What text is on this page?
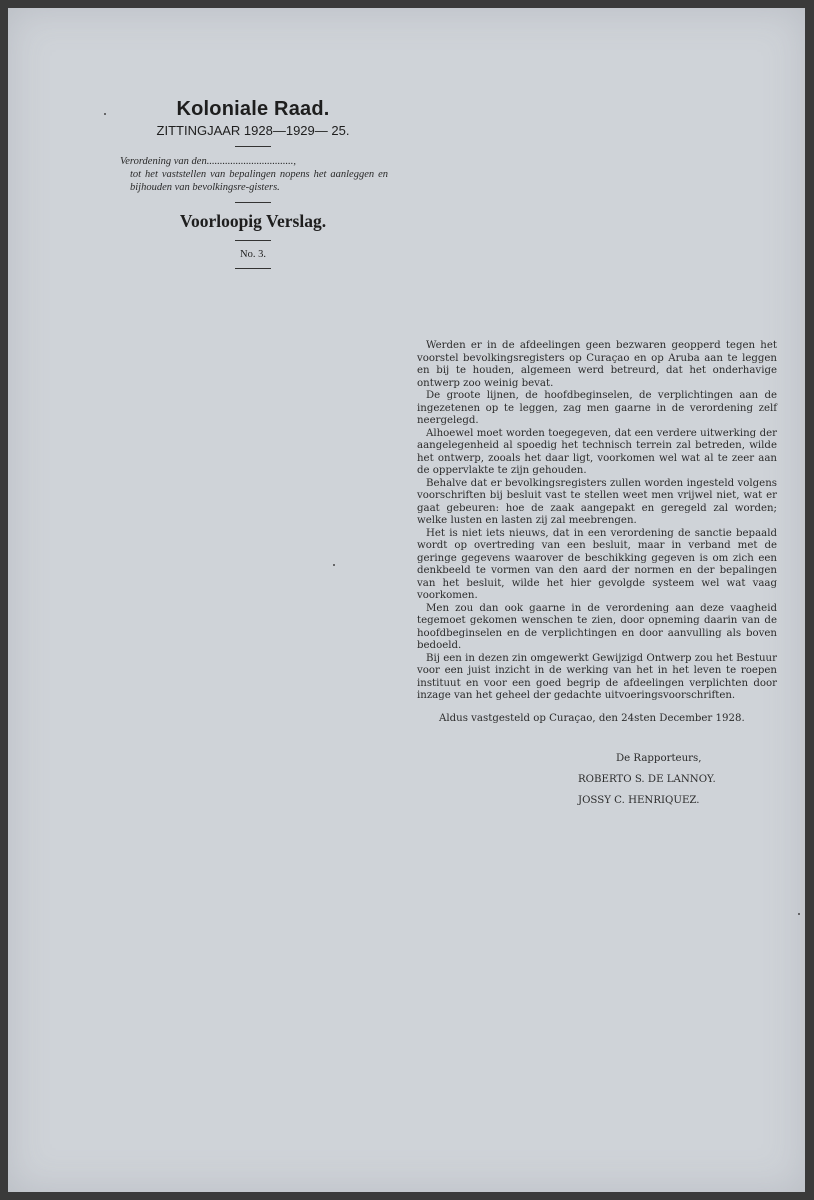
Koloniale Raad.
ZITTINGJAAR 1928—1929— 25.
Verordening van den.................................,
tot het vaststellen van bepalingen nopens het aanleggen en bijhouden van bevolkingsre-gisters.
Voorloopig Verslag.
No. 3.

Werden er in de afdeelingen geen bezwaren geopperd tegen het voorstel bevolkingsregisters op Curaçao en op Aruba aan te leggen en bij te houden, algemeen werd betreurd, dat het onderhavige ontwerp zoo weinig bevat.

De groote lijnen, de hoofdbeginselen, de verplichtingen aan de ingezetenen op te leggen, zag men gaarne in de verordening zelf neergelegd.

Alhoewel moet worden toegegeven, dat een verdere uitwerking der aangelegenheid al spoedig het technisch terrein zal betreden, wilde het ontwerp, zooals het daar ligt, voorkomen wel wat al te zeer aan de oppervlakte te zijn gehouden.

Behalve dat er bevolkingsregisters zullen worden ingesteld volgens voorschriften bij besluit vast te stellen weet men vrijwel niet, wat er gaat gebeuren: hoe de zaak aangepakt en geregeld zal worden; welke lusten en lasten zij zal meebrengen.

Het is niet iets nieuws, dat in een verordening de sanctie bepaald wordt op overtreding van een besluit, maar in verband met de geringe gegevens waarover de beschikking gegeven is om zich een denkbeeld te vormen van den aard der normen en der bepalingen van het besluit, wilde het hier gevolgde systeem wel wat vaag voorkomen.

Men zou dan ook gaarne in de verordening aan deze vaagheid tegemoet gekomen wenschen te zien, door opneming daarin van de hoofdbeginselen en de verplichtingen en door aanvulling als boven bedoeld.

Bij een in dezen zin omgewerkt Gewijzigd Ontwerp zou het Bestuur voor een juist inzicht in de werking van het in het leven te roepen instituut en voor een goed begrip de afdeelingen verplichten door inzage van het geheel der gedachte uitvoeringsvoorschriften.

Aldus vastgesteld op Curaçao, den 24sten December 1928.

De Rapporteurs,
ROBERTO S. DE LANNOY.
JOSSY C. HENRIQUEZ.
